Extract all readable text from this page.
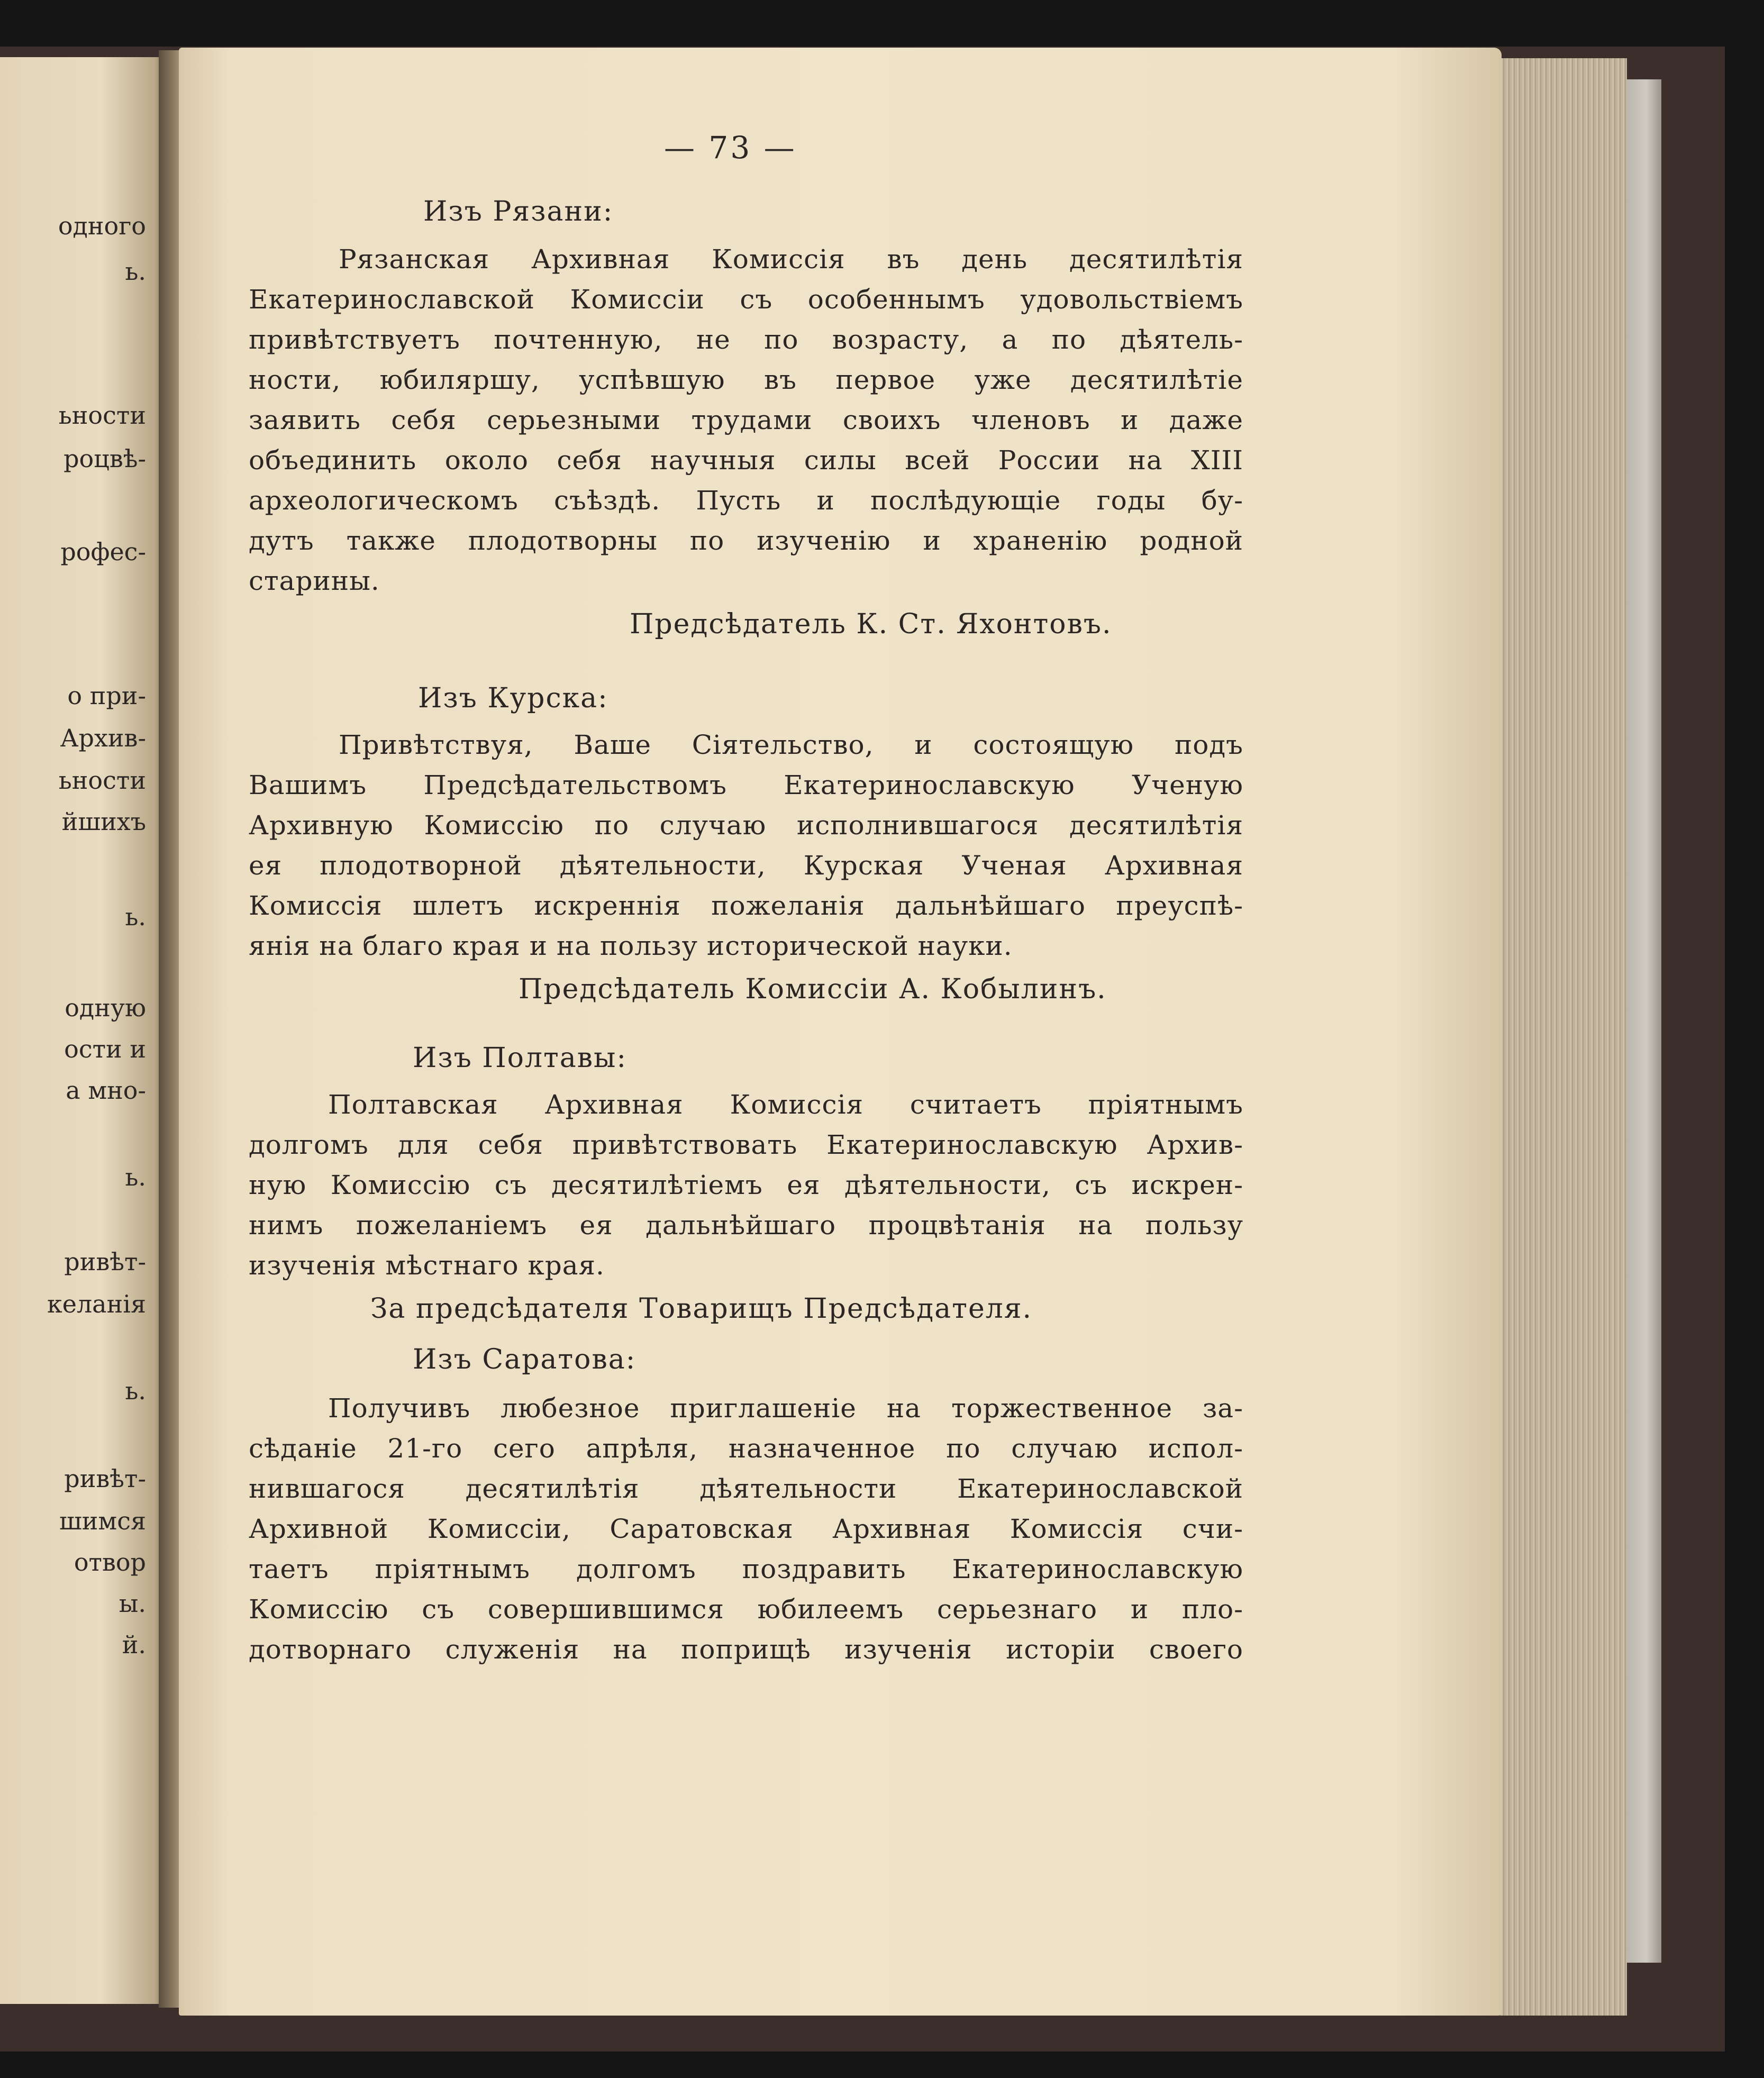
одного
ь.
ьности
роцвѣ-
рофес-
о при-
Архив-
ьности
йшихъ
ь.
одную
ости и
а мно-
ь.
ривѣт-
келанія
ь.
ривѣт-
шимся
отвор
ы.
й.
— 73 —
Изъ Рязани:
Рязанская Архивная Комиссія въ день десятилѣтія
Екатеринославской Комиссіи съ особеннымъ удовольствіемъ
привѣтствуетъ почтенную, не по возрасту, а по дѣятель-
ности, юбиляршу, успѣвшую въ первое уже десятилѣтіе
заявить себя серьезными трудами своихъ членовъ и даже
объединить около себя научныя силы всей России на XIII
археологическомъ съѣздѣ. Пусть и послѣдующіе годы бу-
дутъ также плодотворны по изученію и храненію родной
старины.
Предсѣдатель К. Ст. Яхонтовъ.
Изъ Курска:
Привѣтствуя, Ваше Сіятельство, и состоящую подъ
Вашимъ Предсѣдательствомъ Екатеринославскую Ученую
Архивную Комиссію по случаю исполнившагося десятилѣтія
ея плодотворной дѣятельности, Курская Ученая Архивная
Комиссія шлетъ искреннія пожеланія дальнѣйшаго преуспѣ-
янія на благо края и на пользу исторической науки.
Предсѣдатель Комиссіи А. Кобылинъ.
Изъ Полтавы:
Полтавская Архивная Комиссія считаетъ пріятнымъ
долгомъ для себя привѣтствовать Екатеринославскую Архив-
ную Комиссію съ десятилѣтіемъ ея дѣятельности, съ искрен-
нимъ пожеланіемъ ея дальнѣйшаго процвѣтанія на пользу
изученія мѣстнаго края.
За предсѣдателя Товарищъ Предсѣдателя.
Изъ Саратова:
Получивъ любезное приглашеніе на торжественное за-
сѣданіе 21-го сего апрѣля, назначенное по случаю испол-
нившагося десятилѣтія дѣятельности Екатеринославской
Архивной Комиссіи, Саратовская Архивная Комиссія счи-
таетъ пріятнымъ долгомъ поздравить Екатеринославскую
Комиссію съ совершившимся юбилеемъ серьезнаго и пло-
дотворнаго служенія на поприщѣ изученія исторіи своего
